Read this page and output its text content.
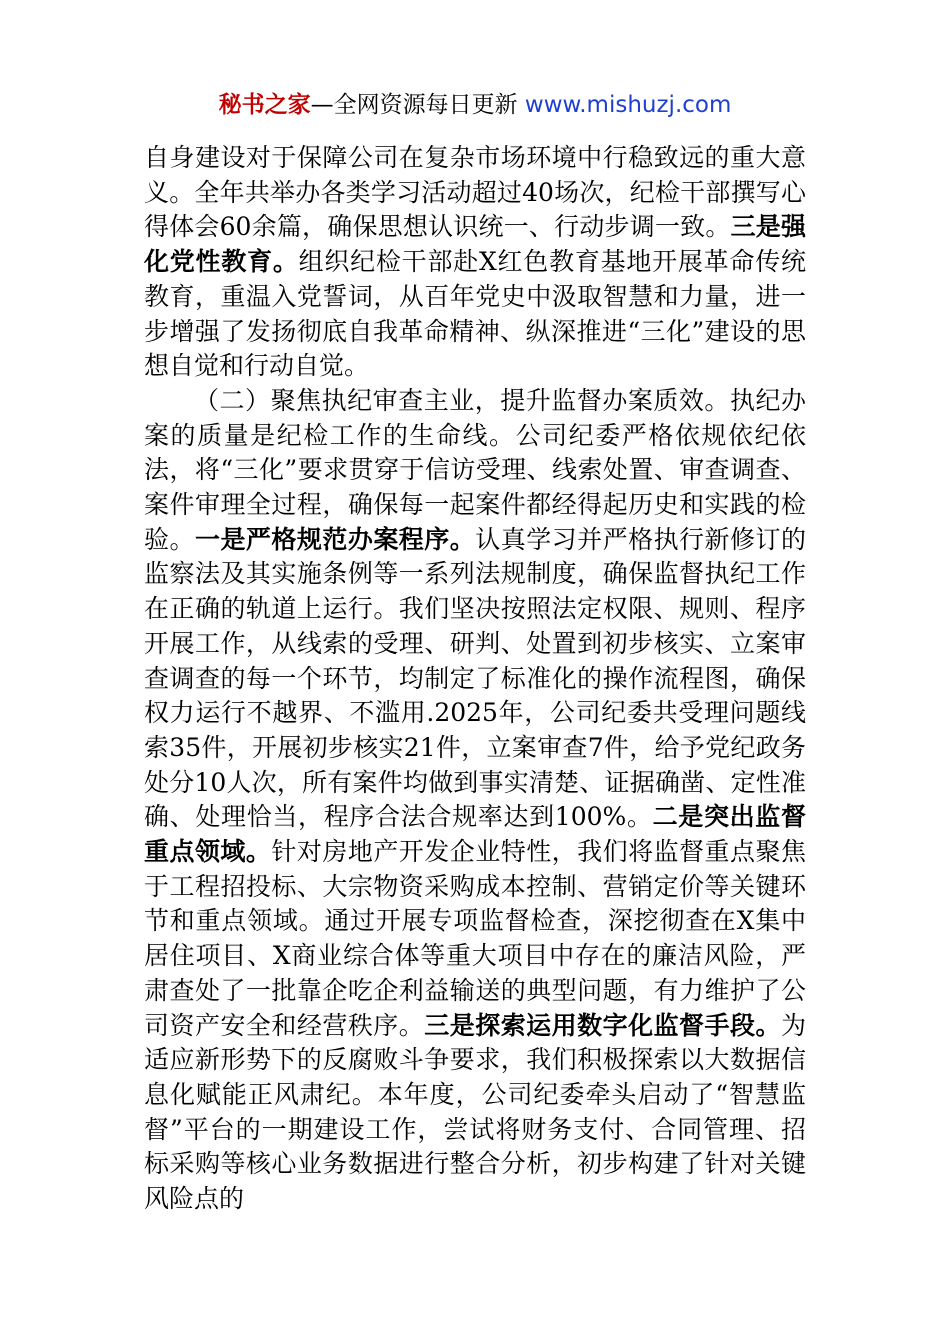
秘书之家—全网资源每日更新 www.mishuzj.com

自身建设对于保障公司在复杂市场环境中行稳致远的重大意义。全年共举办各类学习活动超过40场次，纪检干部撰写心得体会60余篇，确保思想认识统一、行动步调一致。三是强化党性教育。组织纪检干部赴X红色教育基地开展革命传统教育，重温入党誓词，从百年党史中汲取智慧和力量，进一步增强了发扬彻底自我革命精神、纵深推进“三化”建设的思想自觉和行动自觉。

（二）聚焦执纪审查主业，提升监督办案质效。执纪办案的质量是纪检工作的生命线。公司纪委严格依规依纪依法，将“三化”要求贯穿于信访受理、线索处置、审查调查、案件审理全过程，确保每一起案件都经得起历史和实践的检验。一是严格规范办案程序。认真学习并严格执行新修订的监察法及其实施条例等一系列法规制度，确保监督执纪工作在正确的轨道上运行。我们坚决按照法定权限、规则、程序开展工作，从线索的受理、研判、处置到初步核实、立案审查调查的每一个环节，均制定了标准化的操作流程图，确保权力运行不越界、不滥用.2025年，公司纪委共受理问题线索35件，开展初步核实21件，立案审查7件，给予党纪政务处分10人次，所有案件均做到事实清楚、证据确凿、定性准确、处理恰当，程序合法合规率达到100%。二是突出监督重点领域。针对房地产开发企业特性，我们将监督重点聚焦于工程招投标、大宗物资采购成本控制、营销定价等关键环节和重点领域。通过开展专项监督检查，深挖彻查在X集中居住项目、X商业综合体等重大项目中存在的廉洁风险，严肃查处了一批靠企吃企利益输送的典型问题，有力维护了公司资产安全和经营秩序。三是探索运用数字化监督手段。为适应新形势下的反腐败斗争要求，我们积极探索以大数据信息化赋能正风肃纪。本年度，公司纪委牵头启动了“智慧监督”平台的一期建设工作，尝试将财务支付、合同管理、招标采购等核心业务数据进行整合分析，初步构建了针对关键风险点的
